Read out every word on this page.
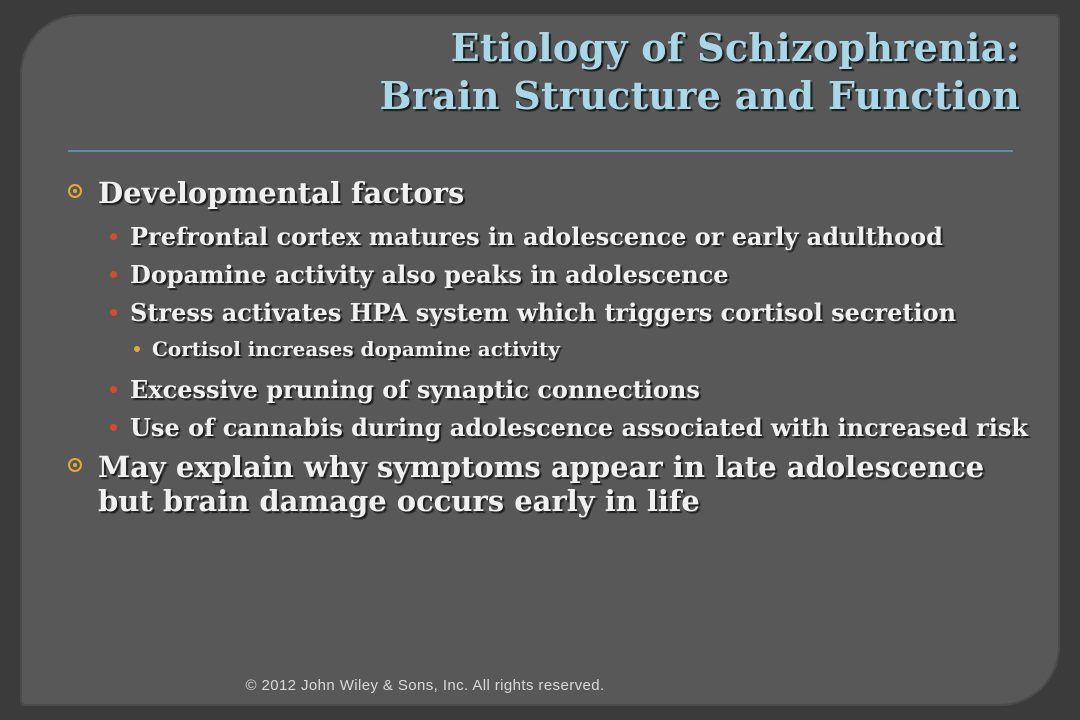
Etiology of Schizophrenia:
Brain Structure and Function
Developmental factors
Prefrontal cortex matures in adolescence or early adulthood
Dopamine activity also peaks in adolescence
Stress activates HPA system which triggers cortisol secretion
Cortisol increases dopamine activity
Excessive pruning of synaptic connections
Use of cannabis during adolescence associated with increased risk
May explain why symptoms appear in late adolescence but brain damage occurs early in life
© 2012 John Wiley & Sons, Inc. All rights reserved.
